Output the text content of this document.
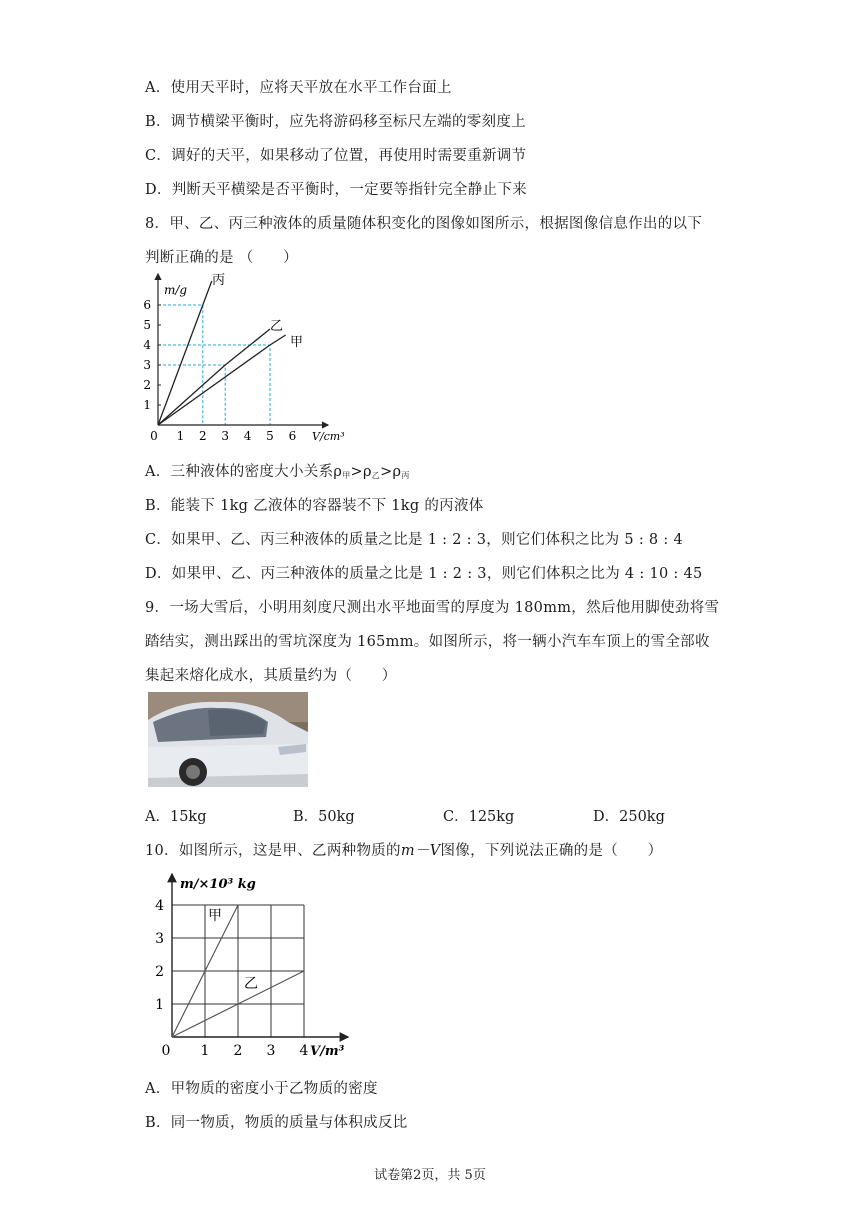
A．使用天平时，应将天平放在水平工作台面上
B．调节横梁平衡时，应先将游码移至标尺左端的零刻度上
C．调好的天平，如果移动了位置，再使用时需要重新调节
D．判断天平横梁是否平衡时，一定要等指针完全静止下来
8．甲、乙、丙三种液体的质量随体积变化的图像如图所示，根据图像信息作出的以下
判断正确的是 （　　）
0 1 2 3 4 5 6
1
2
3
4
5
6
m/g
V/cm³
丙
乙
甲
A．三种液体的密度大小关系$\rho_甲>\rho_乙>\rho_丙$
B．能装下 1kg 乙液体的容器装不下 1kg 的丙液体
C．如果甲、乙、丙三种液体的质量之比是 1 : 2 : 3，则它们体积之比为 5 : 8 : 4
D．如果甲、乙、丙三种液体的质量之比是 1 : 2 : 3，则它们体积之比为 4 : 10 : 45
9．一场大雪后，小明用刻度尺测出水平地面雪的厚度为 180mm，然后他用脚使劲将雪
踏结实，测出踩出的雪坑深度为 165mm。如图所示，将一辆小汽车车顶上的雪全部收
集起来熔化成水，其质量约为（　　）
A．15kg	B．50kg	C．125kg	D．250kg
10．如图所示，这是甲、乙两种物质的m－V图像，下列说法正确的是（　　）
0 1 2 3 4
1
2
3
4
m/×10³ kg
V/m³
甲
乙
A．甲物质的密度小于乙物质的密度
B．同一物质，物质的质量与体积成反比
试卷第2页，共 5页
